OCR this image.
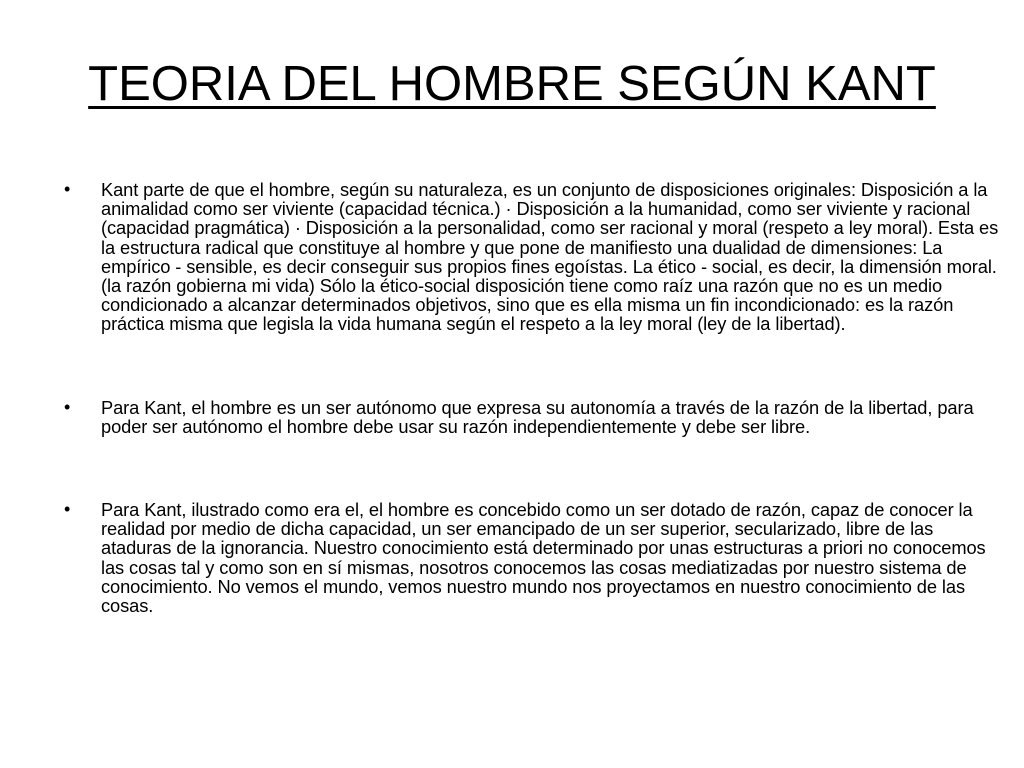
TEORIA DEL HOMBRE SEGÚN KANT
• Kant parte de que el hombre, según su naturaleza, es un conjunto de disposiciones originales: Disposición a la animalidad como ser viviente (capacidad técnica.) · Disposición a la humanidad, como ser viviente y racional (capacidad pragmática) · Disposición a la personalidad, como ser racional y moral (respeto a ley moral). Esta es la estructura radical que constituye al hombre y que pone de manifiesto una dualidad de dimensiones: La empírico - sensible, es decir conseguir sus propios fines egoístas. La ético - social, es decir, la dimensión moral.(la razón gobierna mi vida) Sólo la ético-social disposición tiene como raíz una razón que no es un medio condicionado a alcanzar determinados objetivos, sino que es ella misma un fin incondicionado: es la razón práctica misma que legisla la vida humana según el respeto a la ley moral (ley de la libertad).
• Para Kant, el hombre es un ser autónomo que expresa su autonomía a través de la razón de la libertad, para poder ser autónomo el hombre debe usar su razón independientemente y debe ser libre.
• Para Kant, ilustrado como era el, el hombre es concebido como un ser dotado de razón, capaz de conocer la realidad por medio de dicha capacidad, un ser emancipado de un ser superior, secularizado, libre de las ataduras de la ignorancia. Nuestro conocimiento está determinado por unas estructuras a priori no conocemos las cosas tal y como son en sí mismas, nosotros conocemos las cosas mediatizadas por nuestro sistema de conocimiento. No vemos el mundo, vemos nuestro mundo nos proyectamos en nuestro conocimiento de las cosas.
